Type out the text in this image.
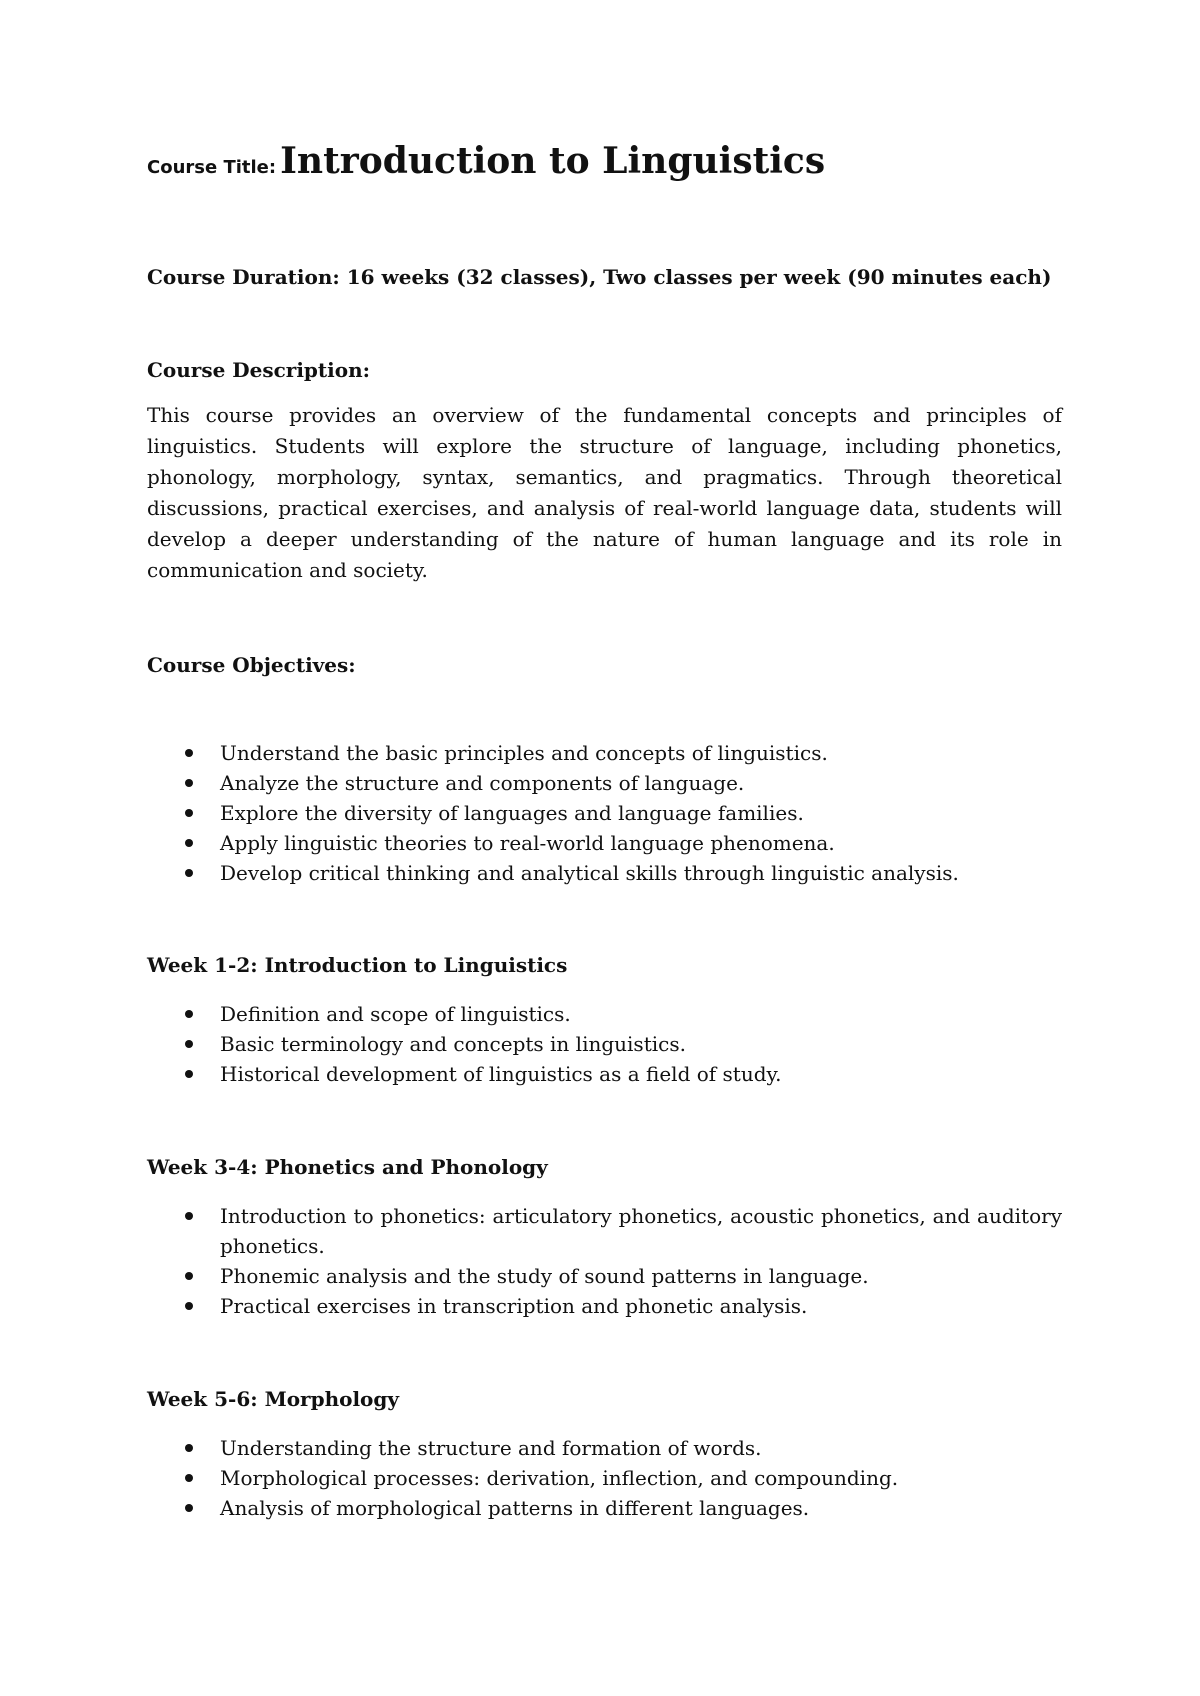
Course Title: Introduction to Linguistics

Course Duration: 16 weeks (32 classes), Two classes per week (90 minutes each)

Course Description:

This course provides an overview of the fundamental concepts and principles of linguistics. Students will explore the structure of language, including phonetics, phonology, morphology, syntax, semantics, and pragmatics. Through theoretical discussions, practical exercises, and analysis of real-world language data, students will develop a deeper understanding of the nature of human language and its role in communication and society.

Course Objectives:

Understand the basic principles and concepts of linguistics.
Analyze the structure and components of language.
Explore the diversity of languages and language families.
Apply linguistic theories to real-world language phenomena.
Develop critical thinking and analytical skills through linguistic analysis.

Week 1-2: Introduction to Linguistics

Definition and scope of linguistics.
Basic terminology and concepts in linguistics.
Historical development of linguistics as a field of study.

Week 3-4: Phonetics and Phonology

Introduction to phonetics: articulatory phonetics, acoustic phonetics, and auditory phonetics.
Phonemic analysis and the study of sound patterns in language.
Practical exercises in transcription and phonetic analysis.

Week 5-6: Morphology

Understanding the structure and formation of words.
Morphological processes: derivation, inflection, and compounding.
Analysis of morphological patterns in different languages.
